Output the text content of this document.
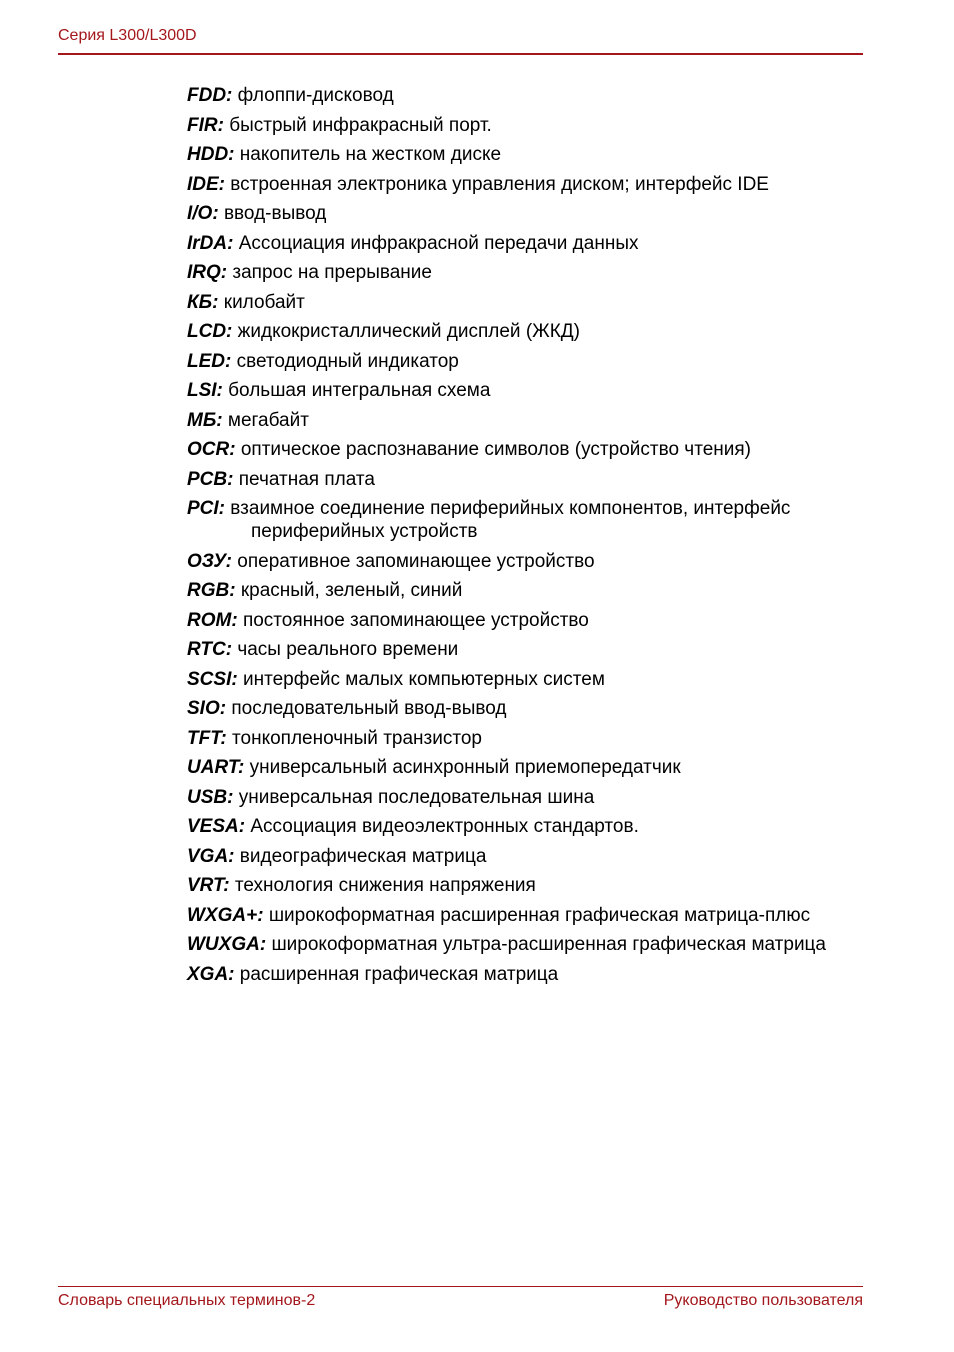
Серия L300/L300D
FDD: флоппи-дисковод
FIR: быстрый инфракрасный порт.
HDD: накопитель на жестком диске
IDE: встроенная электроника управления диском; интерфейс IDE
I/O: ввод-вывод
IrDA: Ассоциация инфракрасной передачи данных
IRQ: запрос на прерывание
КБ: килобайт
LCD: жидкокристаллический дисплей (ЖКД)
LED: светодиодный индикатор
LSI: большая интегральная схема
МБ: мегабайт
OCR: оптическое распознавание символов (устройство чтения)
PCB: печатная плата
PCI: взаимное соединение периферийных компонентов, интерфейс периферийных устройств
ОЗУ: оперативное запоминающее устройство
RGB: красный, зеленый, синий
ROM: постоянное запоминающее устройство
RTC: часы реального времени
SCSI: интерфейс малых компьютерных систем
SIO: последовательный ввод-вывод
TFT: тонкопленочный транзистор
UART: универсальный асинхронный приемопередатчик
USB: универсальная последовательная шина
VESA: Ассоциация видеоэлектронных стандартов.
VGA: видеографическая матрица
VRT: технология снижения напряжения
WXGA+: широкоформатная расширенная графическая матрица-плюс
WUXGA: широкоформатная ультра-расширенная графическая матрица
XGA: расширенная графическая матрица
Словарь специальных терминов-2	Руководство пользователя
